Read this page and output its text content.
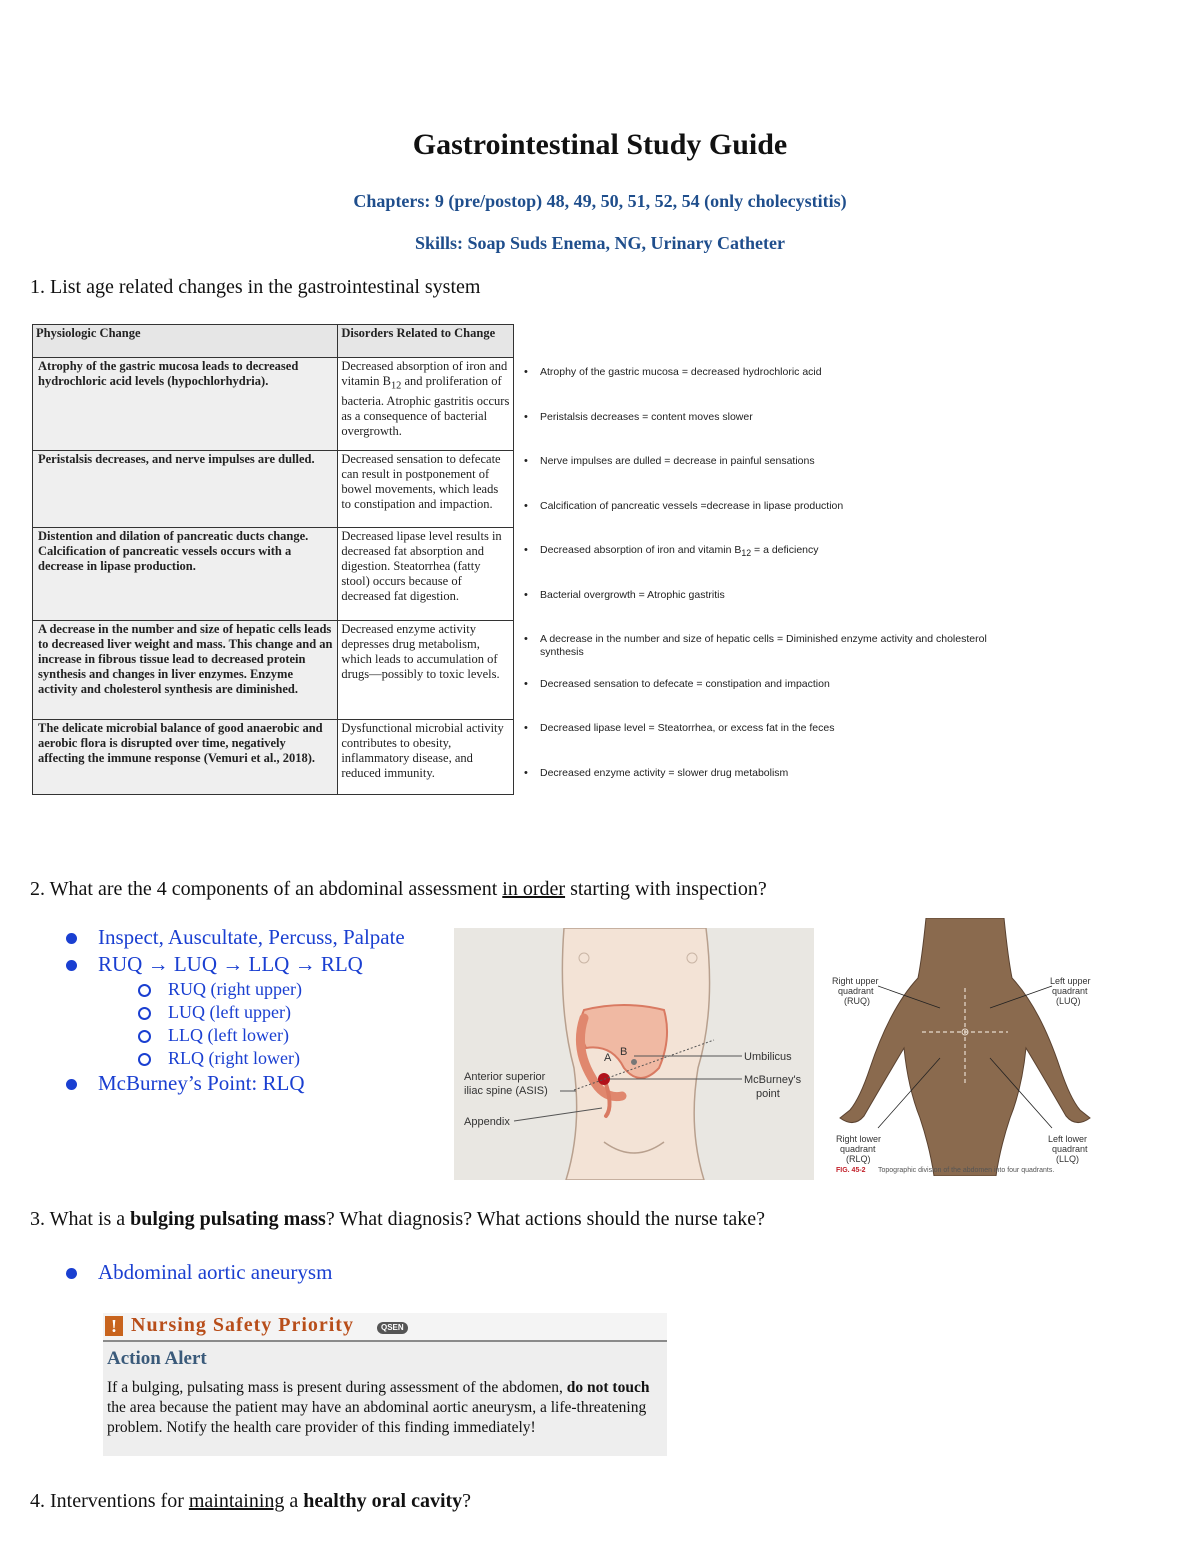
Gastrointestinal Study Guide
Chapters: 9 (pre/postop) 48, 49, 50, 51, 52, 54 (only cholecystitis)
Skills: Soap Suds Enema, NG, Urinary Catheter
1. List age related changes in the gastrointestinal system
Physiologic Change	Disorders Related to Change
Atrophy of the gastric mucosa leads to decreased hydrochloric acid levels (hypochlorhydria).	Decreased absorption of iron and vitamin $B_{12}$ and proliferation of bacteria. Atrophic gastritis occurs as a consequence of bacterial overgrowth.
Peristalsis decreases, and nerve impulses are dulled.	Decreased sensation to defecate can result in postponement of bowel movements, which leads to constipation and impaction.
Distention and dilation of pancreatic ducts change. Calcification of pancreatic vessels occurs with a decrease in lipase production.	Decreased lipase level results in decreased fat absorption and digestion. Steatorrhea (fatty stool) occurs because of decreased fat digestion.
A decrease in the number and size of hepatic cells leads to decreased liver weight and mass. This change and an increase in fibrous tissue lead to decreased protein synthesis and changes in liver enzymes. Enzyme activity and cholesterol synthesis are diminished.	Decreased enzyme activity depresses drug metabolism, which leads to accumulation of drugs—possibly to toxic levels.
The delicate microbial balance of good anaerobic and aerobic flora is disrupted over time, negatively affecting the immune response (Vemuri et al., 2018).	Dysfunctional microbial activity contributes to obesity, inflammatory disease, and reduced immunity.
• Atrophy of the gastric mucosa = decreased hydrochloric acid
• Peristalsis decreases = content moves slower
• Nerve impulses are dulled = decrease in painful sensations
• Calcification of pancreatic vessels =decrease in lipase production
• Decreased absorption of iron and vitamin $B_{12} = a$ deficiency
• Bacterial overgrowth = Atrophic gastritis
• A decrease in the number and size of hepatic cells = Diminished enzyme activity and cholesterol synthesis
• Decreased sensation to defecate = constipation and impaction
• Decreased lipase level = Steatorrhea, or excess fat in the feces
• Decreased enzyme activity = slower drug metabolism
2. What are the 4 components of an abdominal assessment in order starting with inspection?
Inspect, Auscultate, Percuss, Palpate
RUQ → LUQ → LLQ → RLQ
RUQ (right upper)
LUQ (left upper)
LLQ (left lower)
RLQ (right lower)
McBurney’s Point: RLQ
A B	Umbilicus
McBurney's
point
Anterior superior
iliac spine (ASIS)
Appendix
Right upper
quadrant
(RUQ)
Left upper
quadrant
(LUQ)
Right lower
quadrant
(RLQ)
Left lower
quadrant
(LLQ)
FIG. 45-2 Topographic division of the abdomen into four quadrants.
3. What is a bulging pulsating mass? What diagnosis? What actions should the nurse take?
Abdominal aortic aneurysm
! Nursing Safety Priority	QSEN
Action Alert
If a bulging, pulsating mass is present during assessment of the abdomen, do not touch the area because the patient may have an abdominal aortic aneurysm, a life-threatening problem. Notify the health care provider of this finding immediately!
4. Interventions for maintaining a healthy oral cavity?
